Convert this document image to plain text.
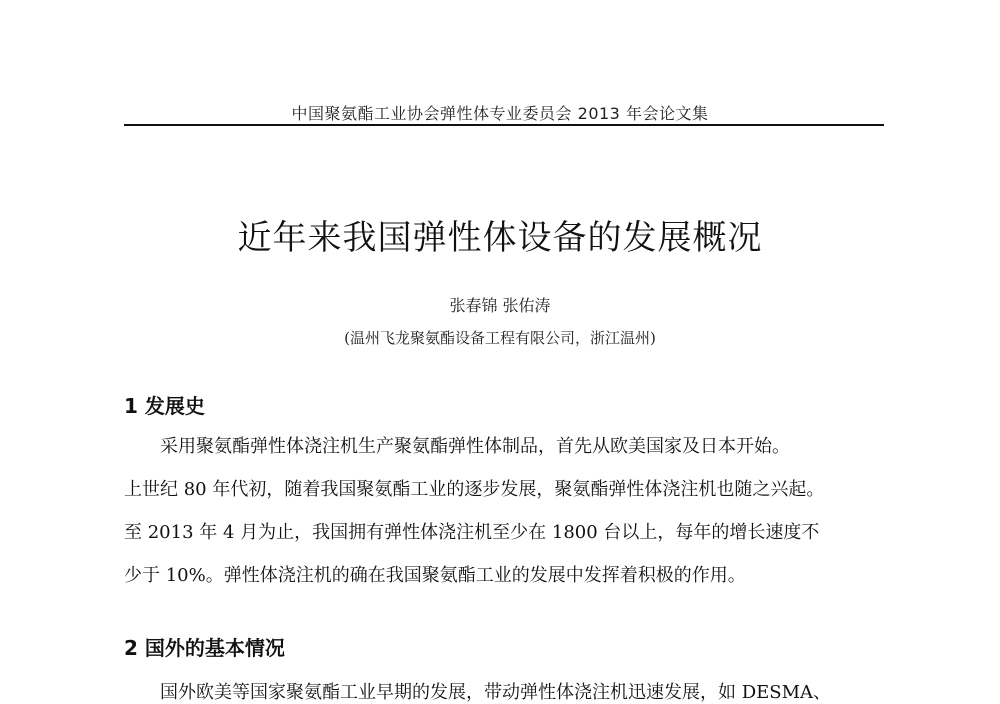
中国聚氨酯工业协会弹性体专业委员会 2013 年会论文集
近年来我国弹性体设备的发展概况
张春锦 张佑涛
(温州飞龙聚氨酯设备工程有限公司，浙江温州)
1 发展史
采用聚氨酯弹性体浇注机生产聚氨酯弹性体制品，首先从欧美国家及日本开始。
上世纪 80 年代初，随着我国聚氨酯工业的逐步发展，聚氨酯弹性体浇注机也随之兴起。
至 2013 年 4 月为止，我国拥有弹性体浇注机至少在 1800 台以上，每年的增长速度不
少于 10%。弹性体浇注机的确在我国聚氨酯工业的发展中发挥着积极的作用。
2 国外的基本情况
国外欧美等国家聚氨酯工业早期的发展，带动弹性体浇注机迅速发展，如 DESMA、
